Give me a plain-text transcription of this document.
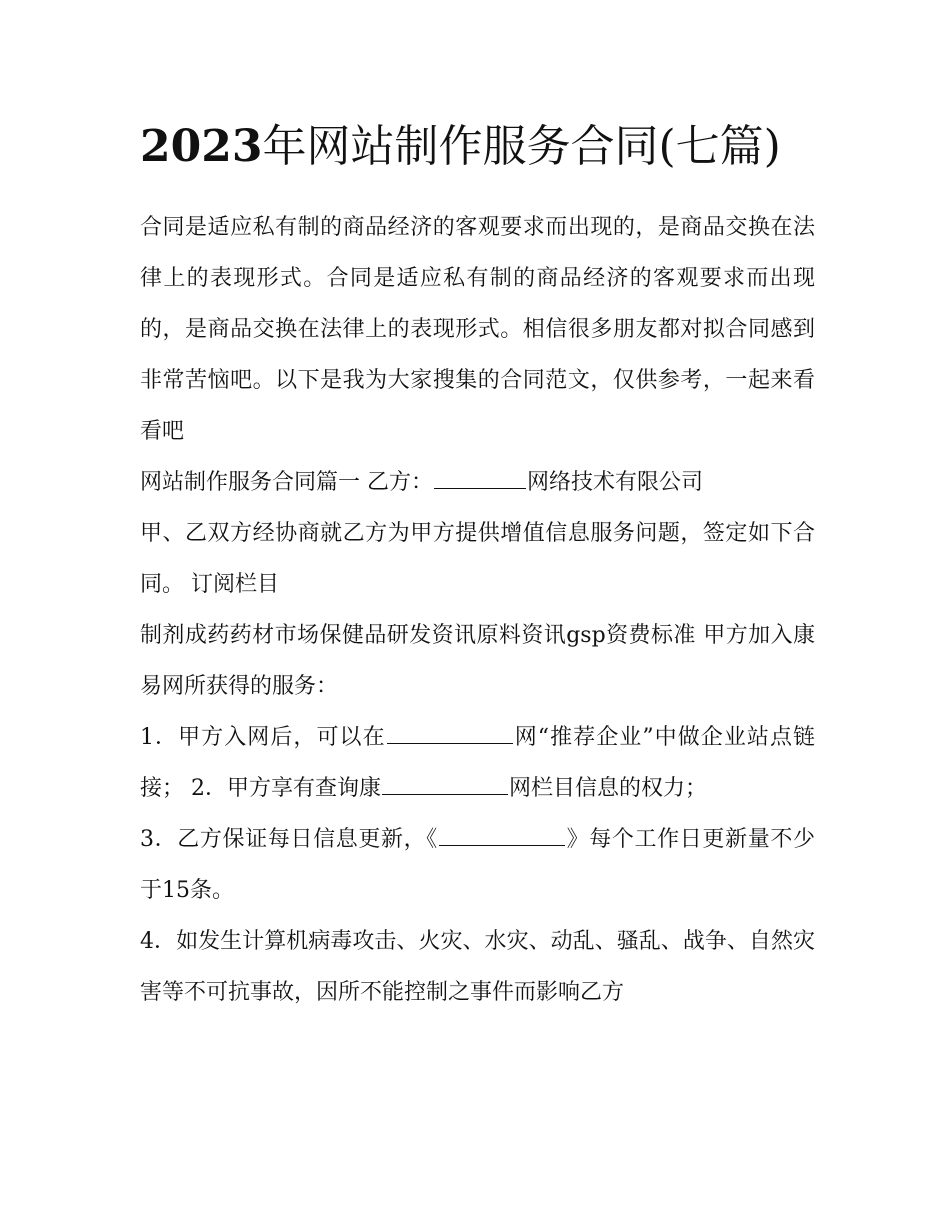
2023年网站制作服务合同(七篇)

合同是适应私有制的商品经济的客观要求而出现的，是商品交换在法律上的表现形式。合同是适应私有制的商品经济的客观要求而出现的，是商品交换在法律上的表现形式。相信很多朋友都对拟合同感到非常苦恼吧。以下是我为大家搜集的合同范文，仅供参考，一起来看看吧

网站制作服务合同篇一 乙方：	网络技术有限公司

甲、乙双方经协商就乙方为甲方提供增值信息服务问题，签定如下合同。 订阅栏目

制剂成药药材市场保健品研发资讯原料资讯gsp资费标准 甲方加入康易网所获得的服务：

1．甲方入网后，可以在	网“推荐企业”中做企业站点链接； 2．甲方享有查询康	网栏目信息的权力；

3．乙方保证每日信息更新，《	》每个工作日更新量不少于15条。

4．如发生计算机病毒攻击、火灾、水灾、动乱、骚乱、战争、自然灾害等不可抗事故，因所不能控制之事件而影响乙方
